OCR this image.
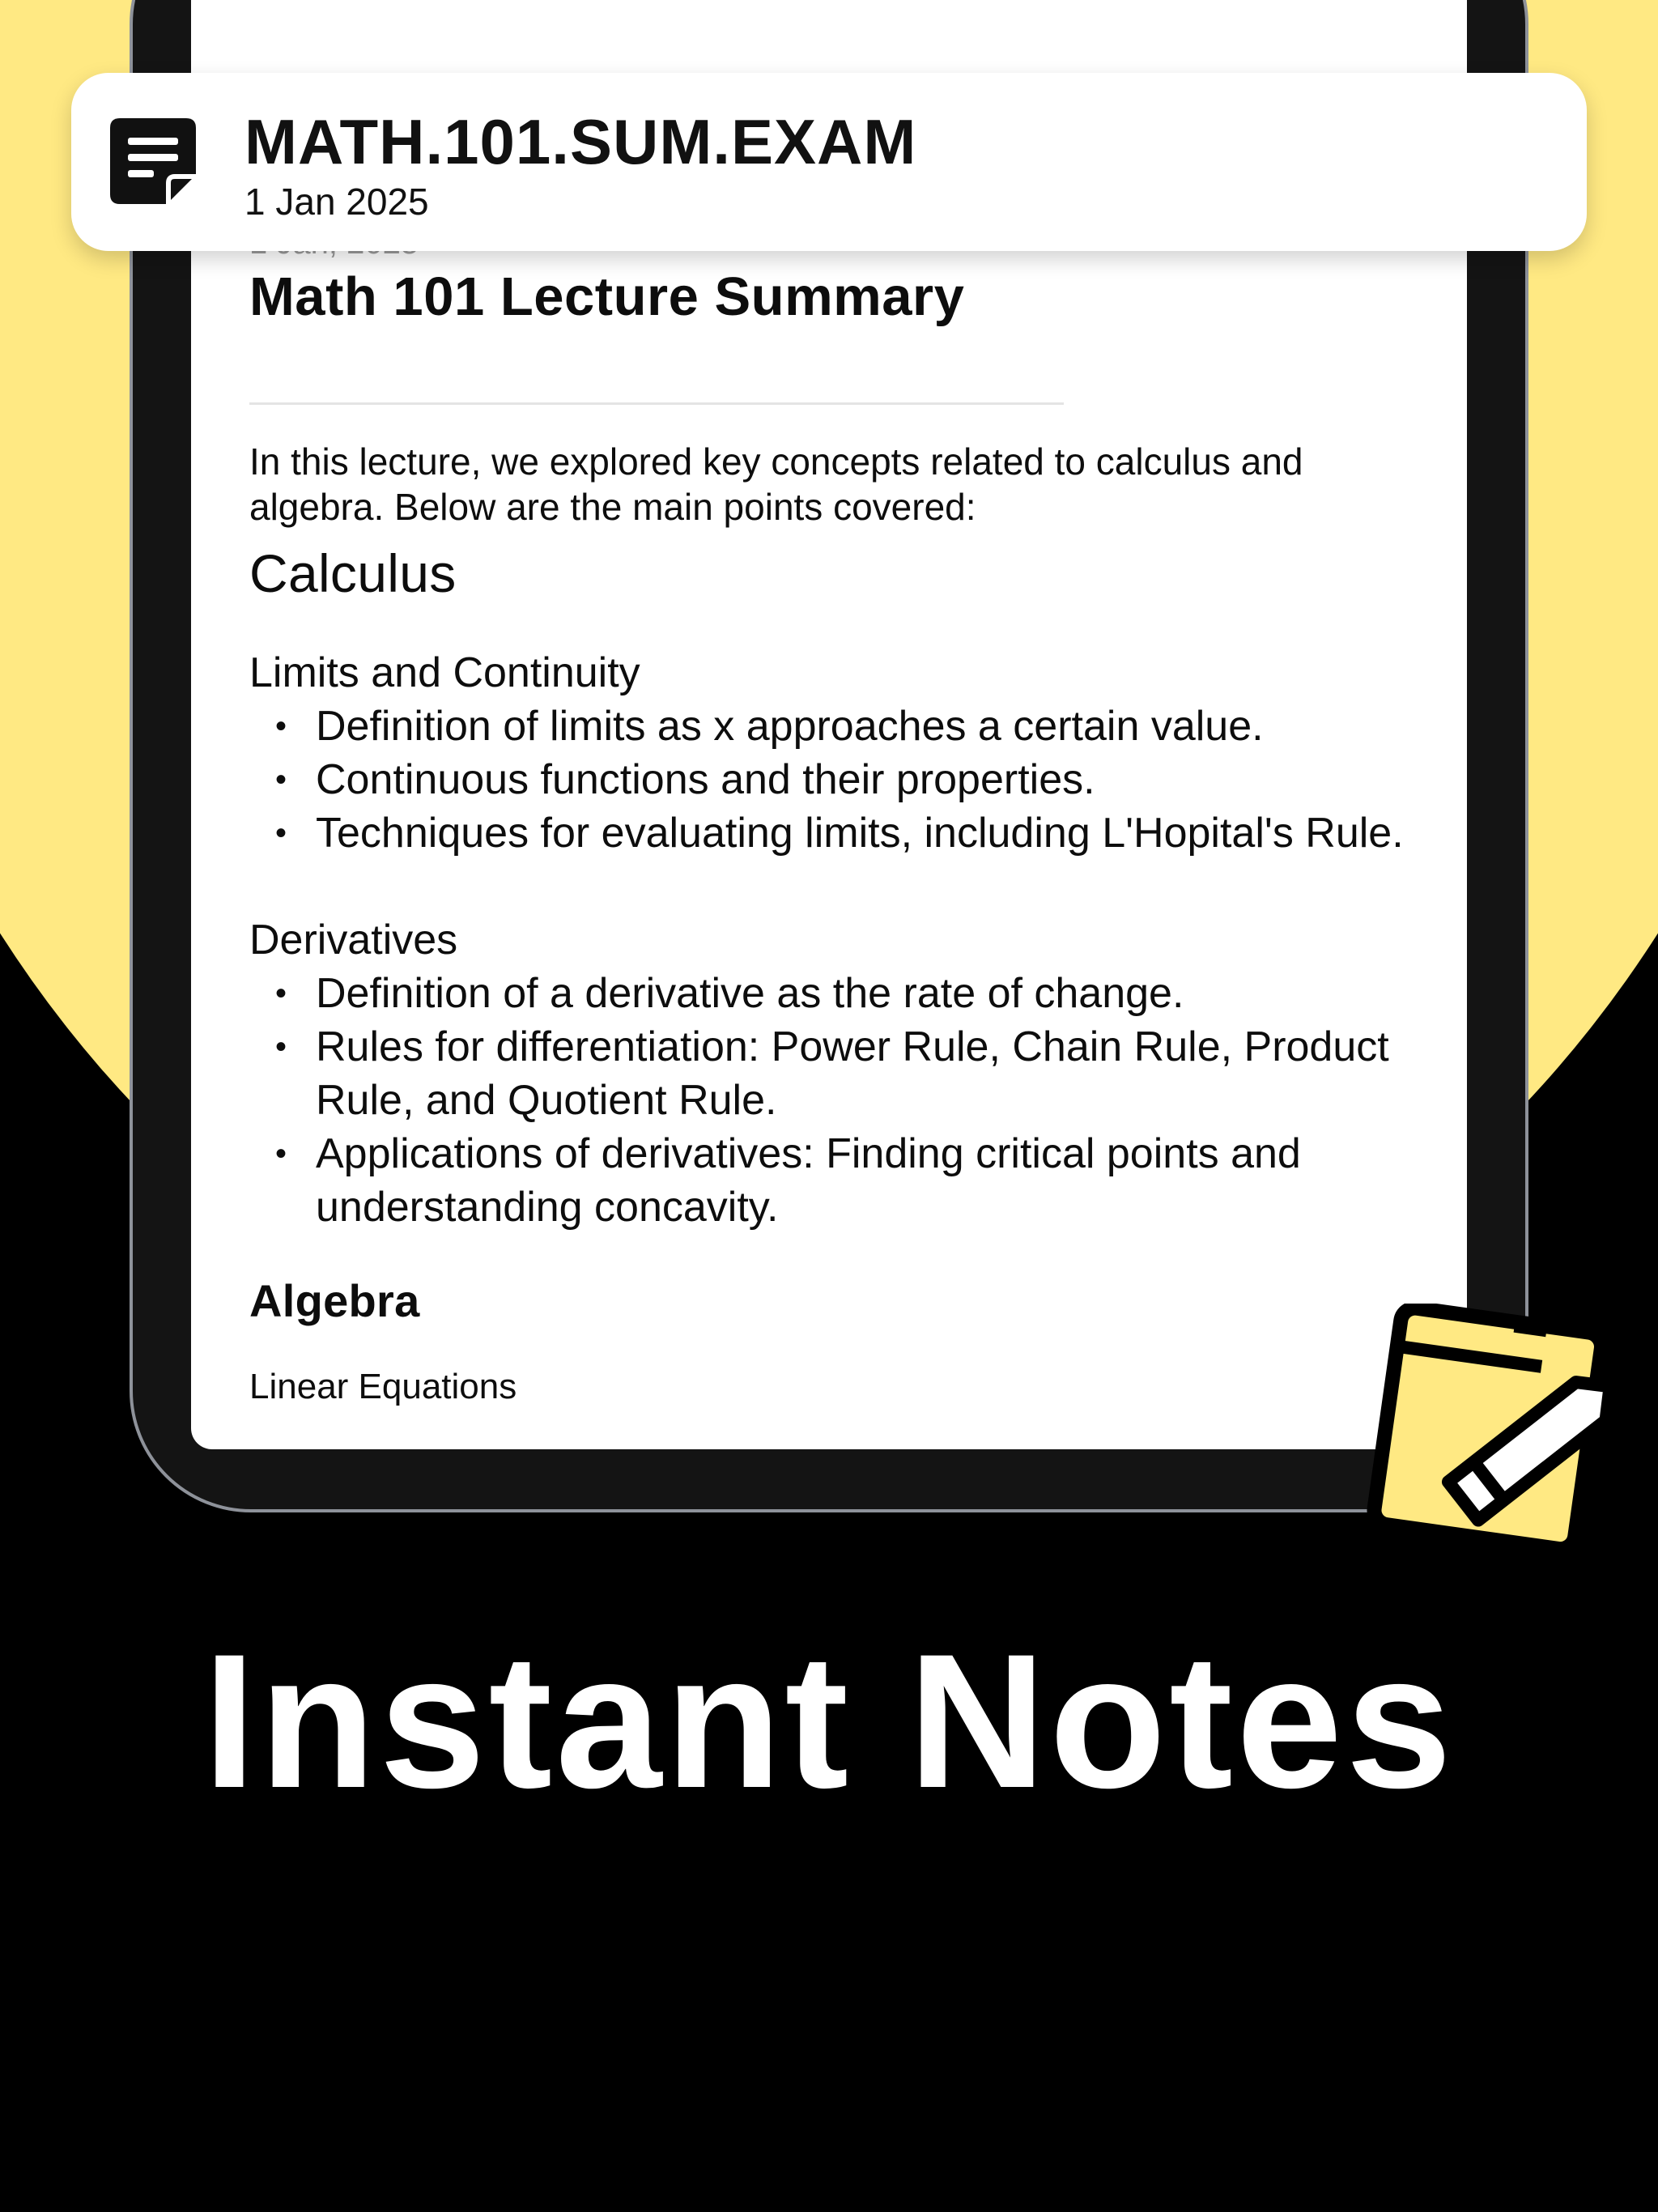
Math 101 Lecture Summary

In this lecture, we explored key concepts related to calculus and algebra. Below are the main points covered:

Calculus

Limits and Continuity

• Definition of limits as x approaches a certain value.
• Continuous functions and their properties.
• Techniques for evaluating limits, including L'Hopital's Rule.

Derivatives

• Definition of a derivative as the rate of change.
• Rules for differentiation: Power Rule, Chain Rule, Product Rule, and Quotient Rule.
• Applications of derivatives: Finding critical points and understanding concavity.
Algebra

Linear Equations

MATH.101.SUM.EXAM
1 Jan 2025
Instant Notes
